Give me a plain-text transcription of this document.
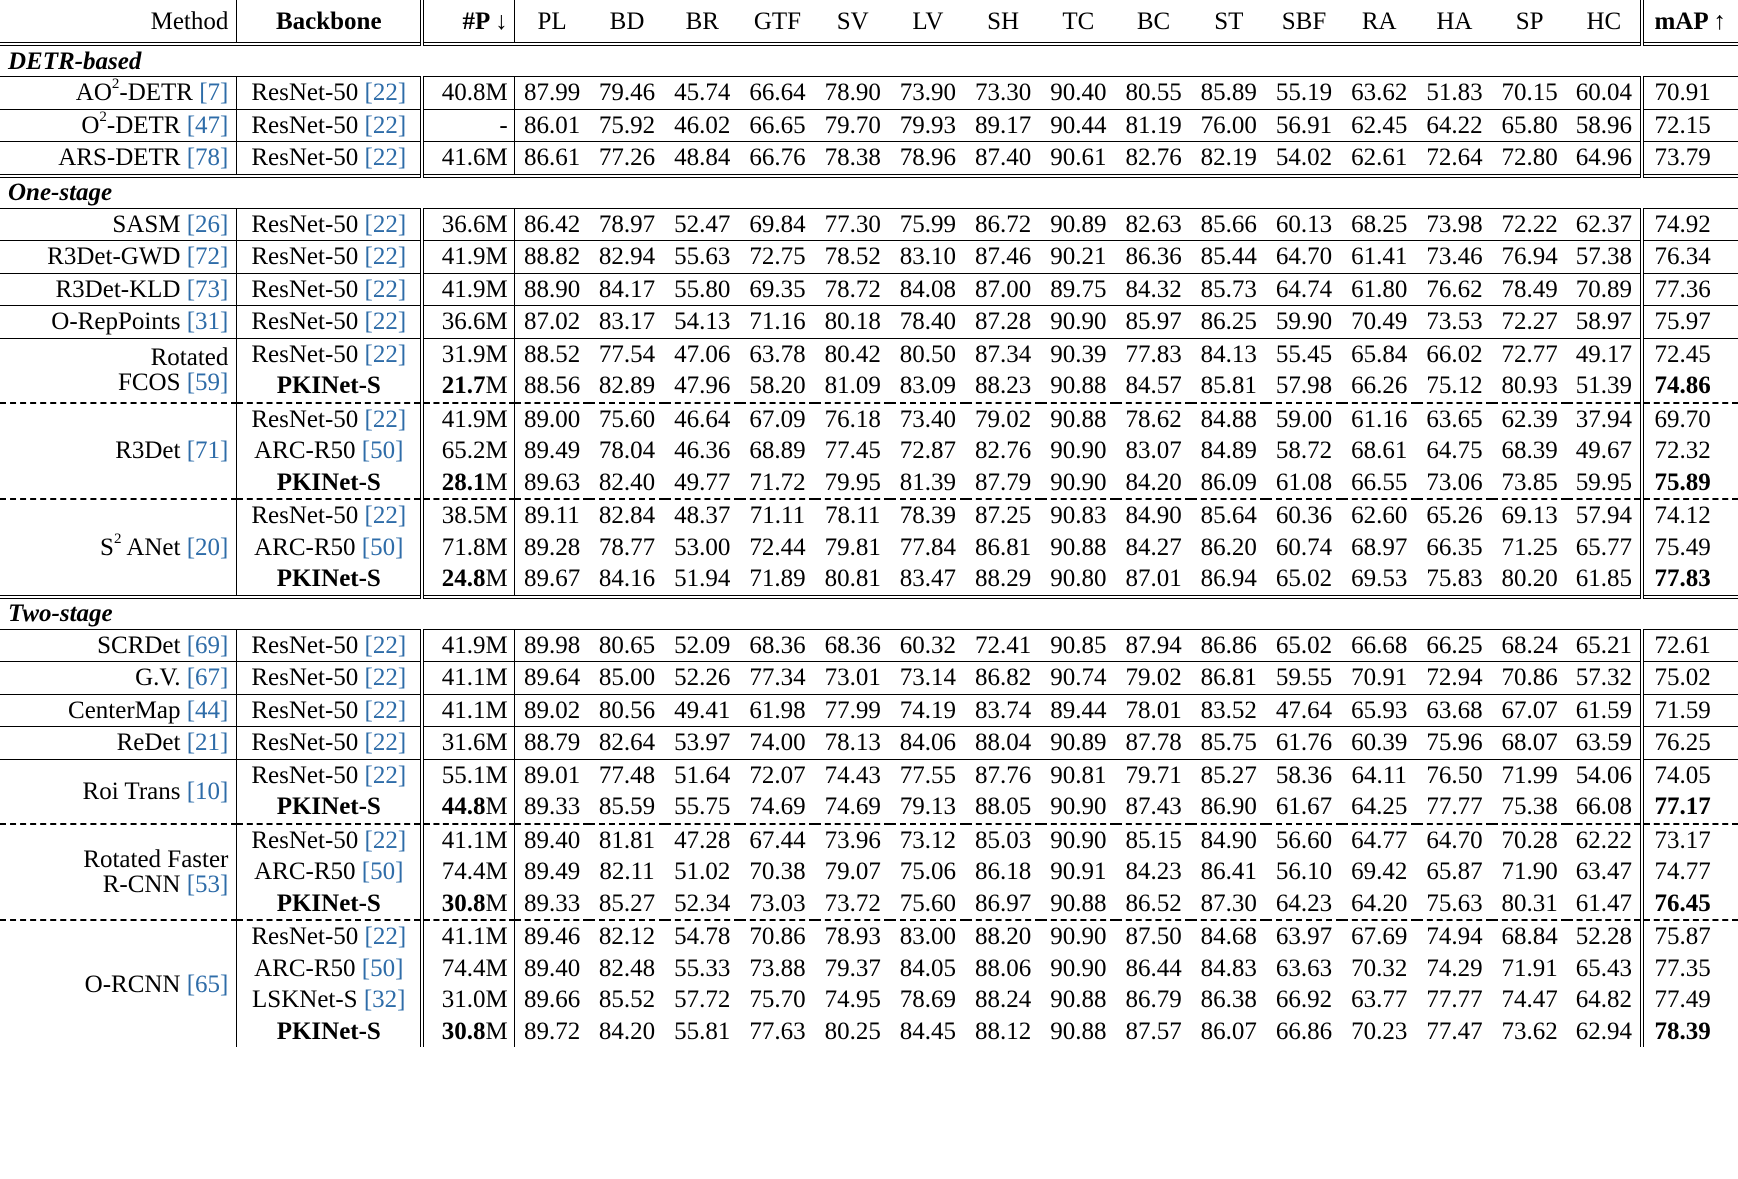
Method	Backbone	#P ↓	PL	BD	BR	GTF	SV	LV	SH	TC	BC	ST	SBF	RA	HA	SP	HC	mAP ↑
DETR-based																		
$AO^2$-DETR [7]	ResNet-50 [22]	40.8M	87.99	79.46	45.74	66.64	78.90	73.90	73.30	90.40	80.55	85.89	55.19	63.62	51.83	70.15	60.04	70.91
$O^2$-DETR [47]	ResNet-50 [22]	-	86.01	75.92	46.02	66.65	79.70	79.93	89.17	90.44	81.19	76.00	56.91	62.45	64.22	65.80	58.96	72.15
ARS-DETR [78]	ResNet-50 [22]	41.6M	86.61	77.26	48.84	66.76	78.38	78.96	87.40	90.61	82.76	82.19	54.02	62.61	72.64	72.80	64.96	73.79
One-stage																		
SASM [26]	ResNet-50 [22]	36.6M	86.42	78.97	52.47	69.84	77.30	75.99	86.72	90.89	82.63	85.66	60.13	68.25	73.98	72.22	62.37	74.92
R3Det-GWD [72]	ResNet-50 [22]	41.9M	88.82	82.94	55.63	72.75	78.52	83.10	87.46	90.21	86.36	85.44	64.70	61.41	73.46	76.94	57.38	76.34
R3Det-KLD [73]	ResNet-50 [22]	41.9M	88.90	84.17	55.80	69.35	78.72	84.08	87.00	89.75	84.32	85.73	64.74	61.80	76.62	78.49	70.89	77.36
O-RepPoints [31]	ResNet-50 [22]	36.6M	87.02	83.17	54.13	71.16	80.18	78.40	87.28	90.90	85.97	86.25	59.90	70.49	73.53	72.27	58.97	75.97
Rotated
FCOS [59]	ResNet-50 [22]	31.9M	88.52	77.54	47.06	63.78	80.42	80.50	87.34	90.39	77.83	84.13	55.45	65.84	66.02	72.77	49.17	72.45
	PKINet-S	21.7M	88.56	82.89	47.96	58.20	81.09	83.09	88.23	90.88	84.57	85.81	57.98	66.26	75.12	80.93	51.39	74.86
R3Det [71]	ResNet-50 [22]	41.9M	89.00	75.60	46.64	67.09	76.18	73.40	79.02	90.88	78.62	84.88	59.00	61.16	63.65	62.39	37.94	69.70
	ARC-R50 [50]	65.2M	89.49	78.04	46.36	68.89	77.45	72.87	82.76	90.90	83.07	84.89	58.72	68.61	64.75	68.39	49.67	72.32
	PKINet-S	28.1M	89.63	82.40	49.77	71.72	79.95	81.39	87.79	90.90	84.20	86.09	61.08	66.55	73.06	73.85	59.95	75.89
$S^2$ ANet [20]	ResNet-50 [22]	38.5M	89.11	82.84	48.37	71.11	78.11	78.39	87.25	90.83	84.90	85.64	60.36	62.60	65.26	69.13	57.94	74.12
	ARC-R50 [50]	71.8M	89.28	78.77	53.00	72.44	79.81	77.84	86.81	90.88	84.27	86.20	60.74	68.97	66.35	71.25	65.77	75.49
	PKINet-S	24.8M	89.67	84.16	51.94	71.89	80.81	83.47	88.29	90.80	87.01	86.94	65.02	69.53	75.83	80.20	61.85	77.83
Two-stage																		
SCRDet [69]	ResNet-50 [22]	41.9M	89.98	80.65	52.09	68.36	68.36	60.32	72.41	90.85	87.94	86.86	65.02	66.68	66.25	68.24	65.21	72.61
G.V. [67]	ResNet-50 [22]	41.1M	89.64	85.00	52.26	77.34	73.01	73.14	86.82	90.74	79.02	86.81	59.55	70.91	72.94	70.86	57.32	75.02
CenterMap [44]	ResNet-50 [22]	41.1M	89.02	80.56	49.41	61.98	77.99	74.19	83.74	89.44	78.01	83.52	47.64	65.93	63.68	67.07	61.59	71.59
ReDet [21]	ResNet-50 [22]	31.6M	88.79	82.64	53.97	74.00	78.13	84.06	88.04	90.89	87.78	85.75	61.76	60.39	75.96	68.07	63.59	76.25
Roi Trans [10]	ResNet-50 [22]	55.1M	89.01	77.48	51.64	72.07	74.43	77.55	87.76	90.81	79.71	85.27	58.36	64.11	76.50	71.99	54.06	74.05
	PKINet-S	44.8M	89.33	85.59	55.75	74.69	74.69	79.13	88.05	90.90	87.43	86.90	61.67	64.25	77.77	75.38	66.08	77.17
Rotated Faster
R-CNN [53]	ResNet-50 [22]	41.1M	89.40	81.81	47.28	67.44	73.96	73.12	85.03	90.90	85.15	84.90	56.60	64.77	64.70	70.28	62.22	73.17
	ARC-R50 [50]	74.4M	89.49	82.11	51.02	70.38	79.07	75.06	86.18	90.91	84.23	86.41	56.10	69.42	65.87	71.90	63.47	74.77
	PKINet-S	30.8M	89.33	85.27	52.34	73.03	73.72	75.60	86.97	90.88	86.52	87.30	64.23	64.20	75.63	80.31	61.47	76.45
O-RCNN [65]	ResNet-50 [22]	41.1M	89.46	82.12	54.78	70.86	78.93	83.00	88.20	90.90	87.50	84.68	63.97	67.69	74.94	68.84	52.28	75.87
	ARC-R50 [50]	74.4M	89.40	82.48	55.33	73.88	79.37	84.05	88.06	90.90	86.44	84.83	63.63	70.32	74.29	71.91	65.43	77.35
	LSKNet-S [32]	31.0M	89.66	85.52	57.72	75.70	74.95	78.69	88.24	90.88	86.79	86.38	66.92	63.77	77.77	74.47	64.82	77.49
	PKINet-S	30.8M	89.72	84.20	55.81	77.63	80.25	84.45	88.12	90.88	87.57	86.07	66.86	70.23	77.47	73.62	62.94	78.39
